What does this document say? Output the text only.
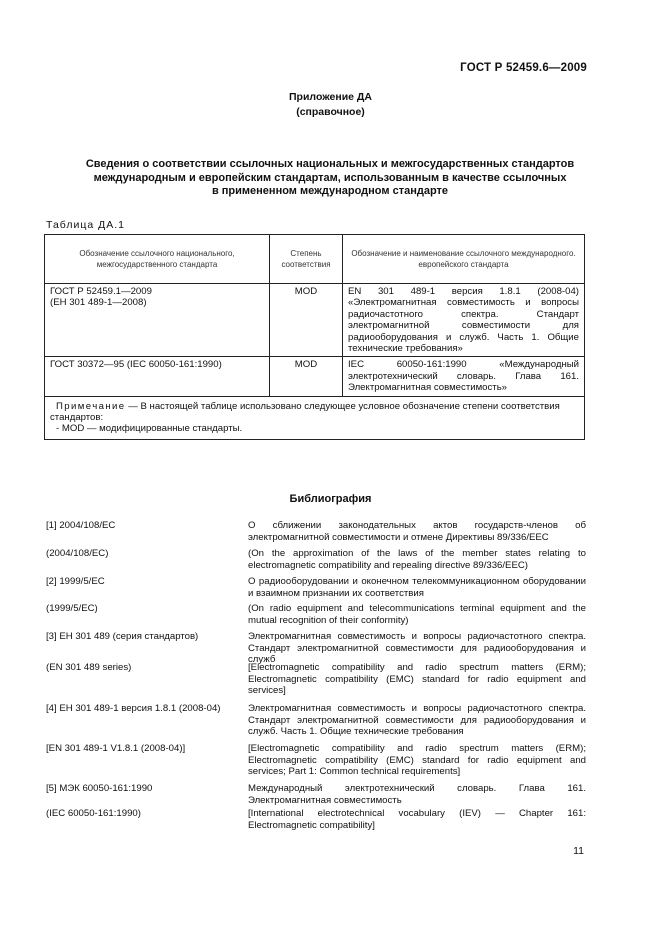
ГОСТ Р 52459.6—2009
Приложение ДА
(справочное)
Сведения о соответствии ссылочных национальных и межгосударственных стандартов
международным и европейским стандартам, использованным в качестве ссылочных
в примененном международном стандарте
Таблица ДА.1
Обозначение ссылочного национального, межгосударственного стандарта	Степень соответствия	Обозначение и наименование ссылочного международного. европейского стандарта

ГОСТ Р 52459.1—2009
(ЕН 301 489-1—2008)	MOD	EN 301 489-1 версия 1.8.1 (2008-04) «Электромагнитная совместимость и вопросы радиочастотного спектра. Стандарт электромагнитной совместимости для радиооборудования и служб. Часть 1. Общие технические требования»

ГОСТ 30372—95 (IEC 60050-161:1990)	MOD	IEC 60050-161:1990 «Международный электротехнический словарь. Глава 161. Электромагнитная совместимость»

Примечание — В настоящей таблице использовано следующее условное обозначение степени соответствия стандартов:
- MOD — модифицированные стандарты.		
Библиография
[1] 2004/108/ЕС	О сближении законодательных актов государств-членов об электромагнитной совместимости и отмене Директивы 89/336/ЕЕС
(2004/108/EC)	(On the approximation of the laws of the member states relating to electromagnetic compatibility and repealing directive 89/336/EEC)
[2] 1999/5/ЕС	О радиооборудовании и оконечном телекоммуникационном оборудовании и взаимном признании их соответствия
(1999/5/EC)	(On radio equipment and telecommunications terminal equipment and the mutual recognition of their conformity)
[3] ЕН 301 489 (серия стандартов)	Электромагнитная совместимость и вопросы радиочастотного спектра. Стандарт электромагнитной совместимости для радиооборудования и служб
(EN 301 489 series)	[Electromagnetic compatibility and radio spectrum matters (ERM); Electromagnetic compatibility (EMC) standard for radio equipment and services]
[4] ЕН 301 489-1 версия 1.8.1 (2008-04)	Электромагнитная совместимость и вопросы радиочастотного спектра. Стандарт электромагнитной совместимости для радиооборудования и служб. Часть 1. Общие технические требования
[EN 301 489-1 V1.8.1 (2008-04)]	[Electromagnetic compatibility and radio spectrum matters (ERM); Electromagnetic compatibility (EMC) standard for radio equipment and services; Part 1: Common technical requirements]
[5] МЭК 60050-161:1990	Международный электротехнический словарь. Глава 161. Электромагнитная совместимость
(IEC 60050-161:1990)	[International electrotechnical vocabulary (IEV) — Chapter 161: Electromagnetic compatibility]
11
